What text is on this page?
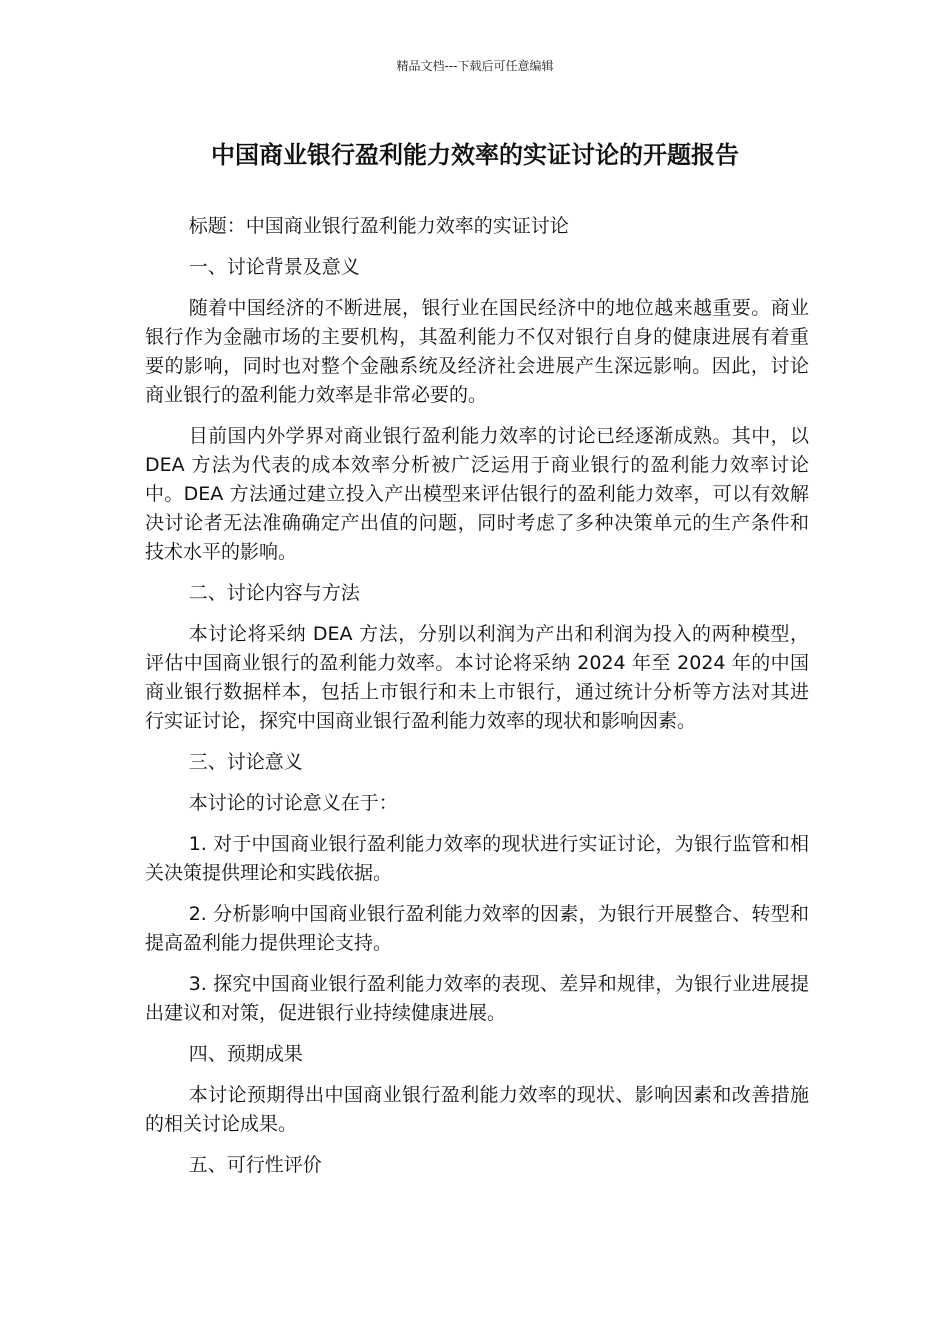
精品文档---下载后可任意编辑
中国商业银行盈利能力效率的实证讨论的开题报告

标题：中国商业银行盈利能力效率的实证讨论

一、讨论背景及意义

随着中国经济的不断进展，银行业在国民经济中的地位越来越重要。商业银行作为金融市场的主要机构，其盈利能力不仅对银行自身的健康进展有着重要的影响，同时也对整个金融系统及经济社会进展产生深远影响。因此，讨论商业银行的盈利能力效率是非常必要的。

目前国内外学界对商业银行盈利能力效率的讨论已经逐渐成熟。其中，以 DEA 方法为代表的成本效率分析被广泛运用于商业银行的盈利能力效率讨论中。DEA 方法通过建立投入产出模型来评估银行的盈利能力效率，可以有效解决讨论者无法准确确定产出值的问题，同时考虑了多种决策单元的生产条件和技术水平的影响。

二、讨论内容与方法

本讨论将采纳 DEA 方法，分别以利润为产出和利润为投入的两种模型，评估中国商业银行的盈利能力效率。本讨论将采纳 2024 年至 2024 年的中国商业银行数据样本，包括上市银行和未上市银行，通过统计分析等方法对其进行实证讨论，探究中国商业银行盈利能力效率的现状和影响因素。

三、讨论意义

本讨论的讨论意义在于：

1. 对于中国商业银行盈利能力效率的现状进行实证讨论，为银行监管和相关决策提供理论和实践依据。

2. 分析影响中国商业银行盈利能力效率的因素，为银行开展整合、转型和提高盈利能力提供理论支持。

3. 探究中国商业银行盈利能力效率的表现、差异和规律，为银行业进展提出建议和对策，促进银行业持续健康进展。

四、预期成果

本讨论预期得出中国商业银行盈利能力效率的现状、影响因素和改善措施的相关讨论成果。

五、可行性评价
